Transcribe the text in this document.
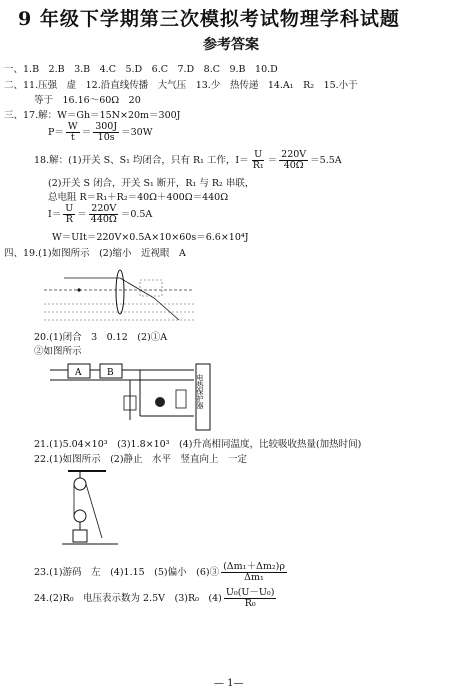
9 年级下学期第三次模拟考试物理学科试题
参考答案
一、1.B　2.B　3.B　4.C　5.D　6.C　7.D　8.C　9.B　10.D
二、11.压强　虚　12.沿直线传播　大气压　13.少　热传递　14.A₁　R₂　15.小于
等于　16.16～60Ω　20
三、17.解：W＝Gh＝15N×20m＝300J
$P= \frac{W}{t} = \frac{300J}{10s} =30W$
18.解：(1)开关 S、S₁ 均闭合，只有 R₁ 工作，$I= \frac{U}{\text{R₁}} = \frac{220V}{40\Omega} =5.5A$
(2)开关 S 闭合，开关 S₁ 断开，R₁ 与 R₂ 串联，
总电阻 R＝R₁＋R₂＝40Ω＋400Ω＝440Ω
$I= \frac{U}{R} = \frac{220V}{440\Omega} =0.5A$
W＝UIt＝220V×0.5A×10×60s＝6.6×10⁴J
四、19.(1)如图所示　(2)缩小　近视眼　A
20.(1)闭合　3　0.12　(2)①A
②如图所示
A	B
电热保护器
21.(1)5.04×10³　(3)1.8×10³　(4)升高相同温度，比较吸收热量(加热时间)
22.(1)如图所示　(2)静止　水平　竖直向上　一定
23.(1)游码　左　(4)1.15　(5)偏小　(6)③ $\frac{\text{(Δm₁＋Δm₂)ρ}}{\text{Δm₁}}$
24.(2)R₀　电压表示数为 2.5V　(3)R₀　$(4) \frac{\text{U₀(U－U₀)}}{\text{R₀}}$
— 1—
